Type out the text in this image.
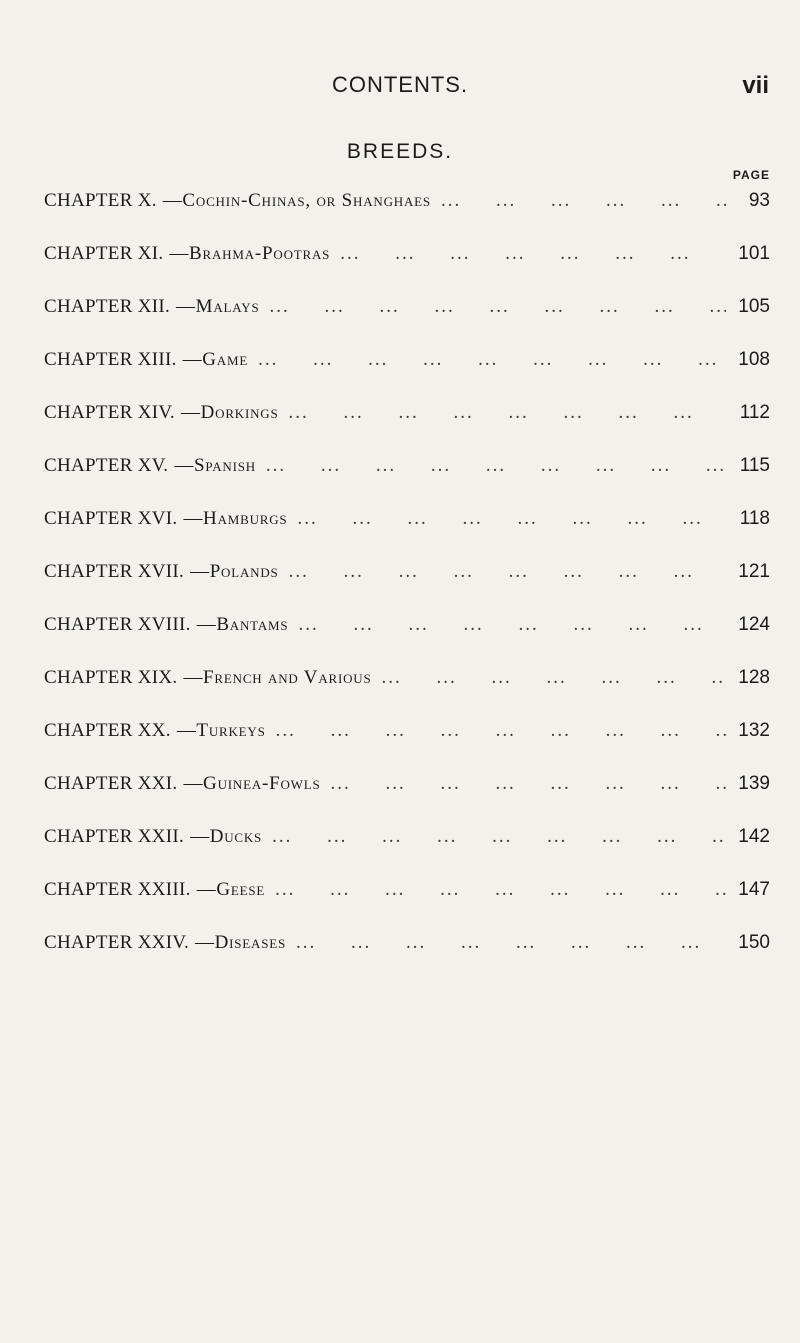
CONTENTS.	vii
BREEDS.
PAGE
CHAPTER X. — Cochin-Chinas, or Shanghaes ... .	93
CHAPTER XI. — Brahma-Pootras ... .	101
CHAPTER XII. — Malays ... .	105
CHAPTER XIII. — Game ... .	108
CHAPTER XIV. — Dorkings ... .	112
CHAPTER XV. — Spanish ... .	115
CHAPTER XVI. — Hamburgs ... .	118
CHAPTER XVII. — Polands ... .	121
CHAPTER XVIII. — Bantams ... .	124
CHAPTER XIX. — French and Various ... .	128
CHAPTER XX. — Turkeys ... .	132
CHAPTER XXI. — Guinea-Fowls ... .	139
CHAPTER XXII. — Ducks ... .	142
CHAPTER XXIII. — Geese ... .	147
CHAPTER XXIV. — Diseases ... .	150
